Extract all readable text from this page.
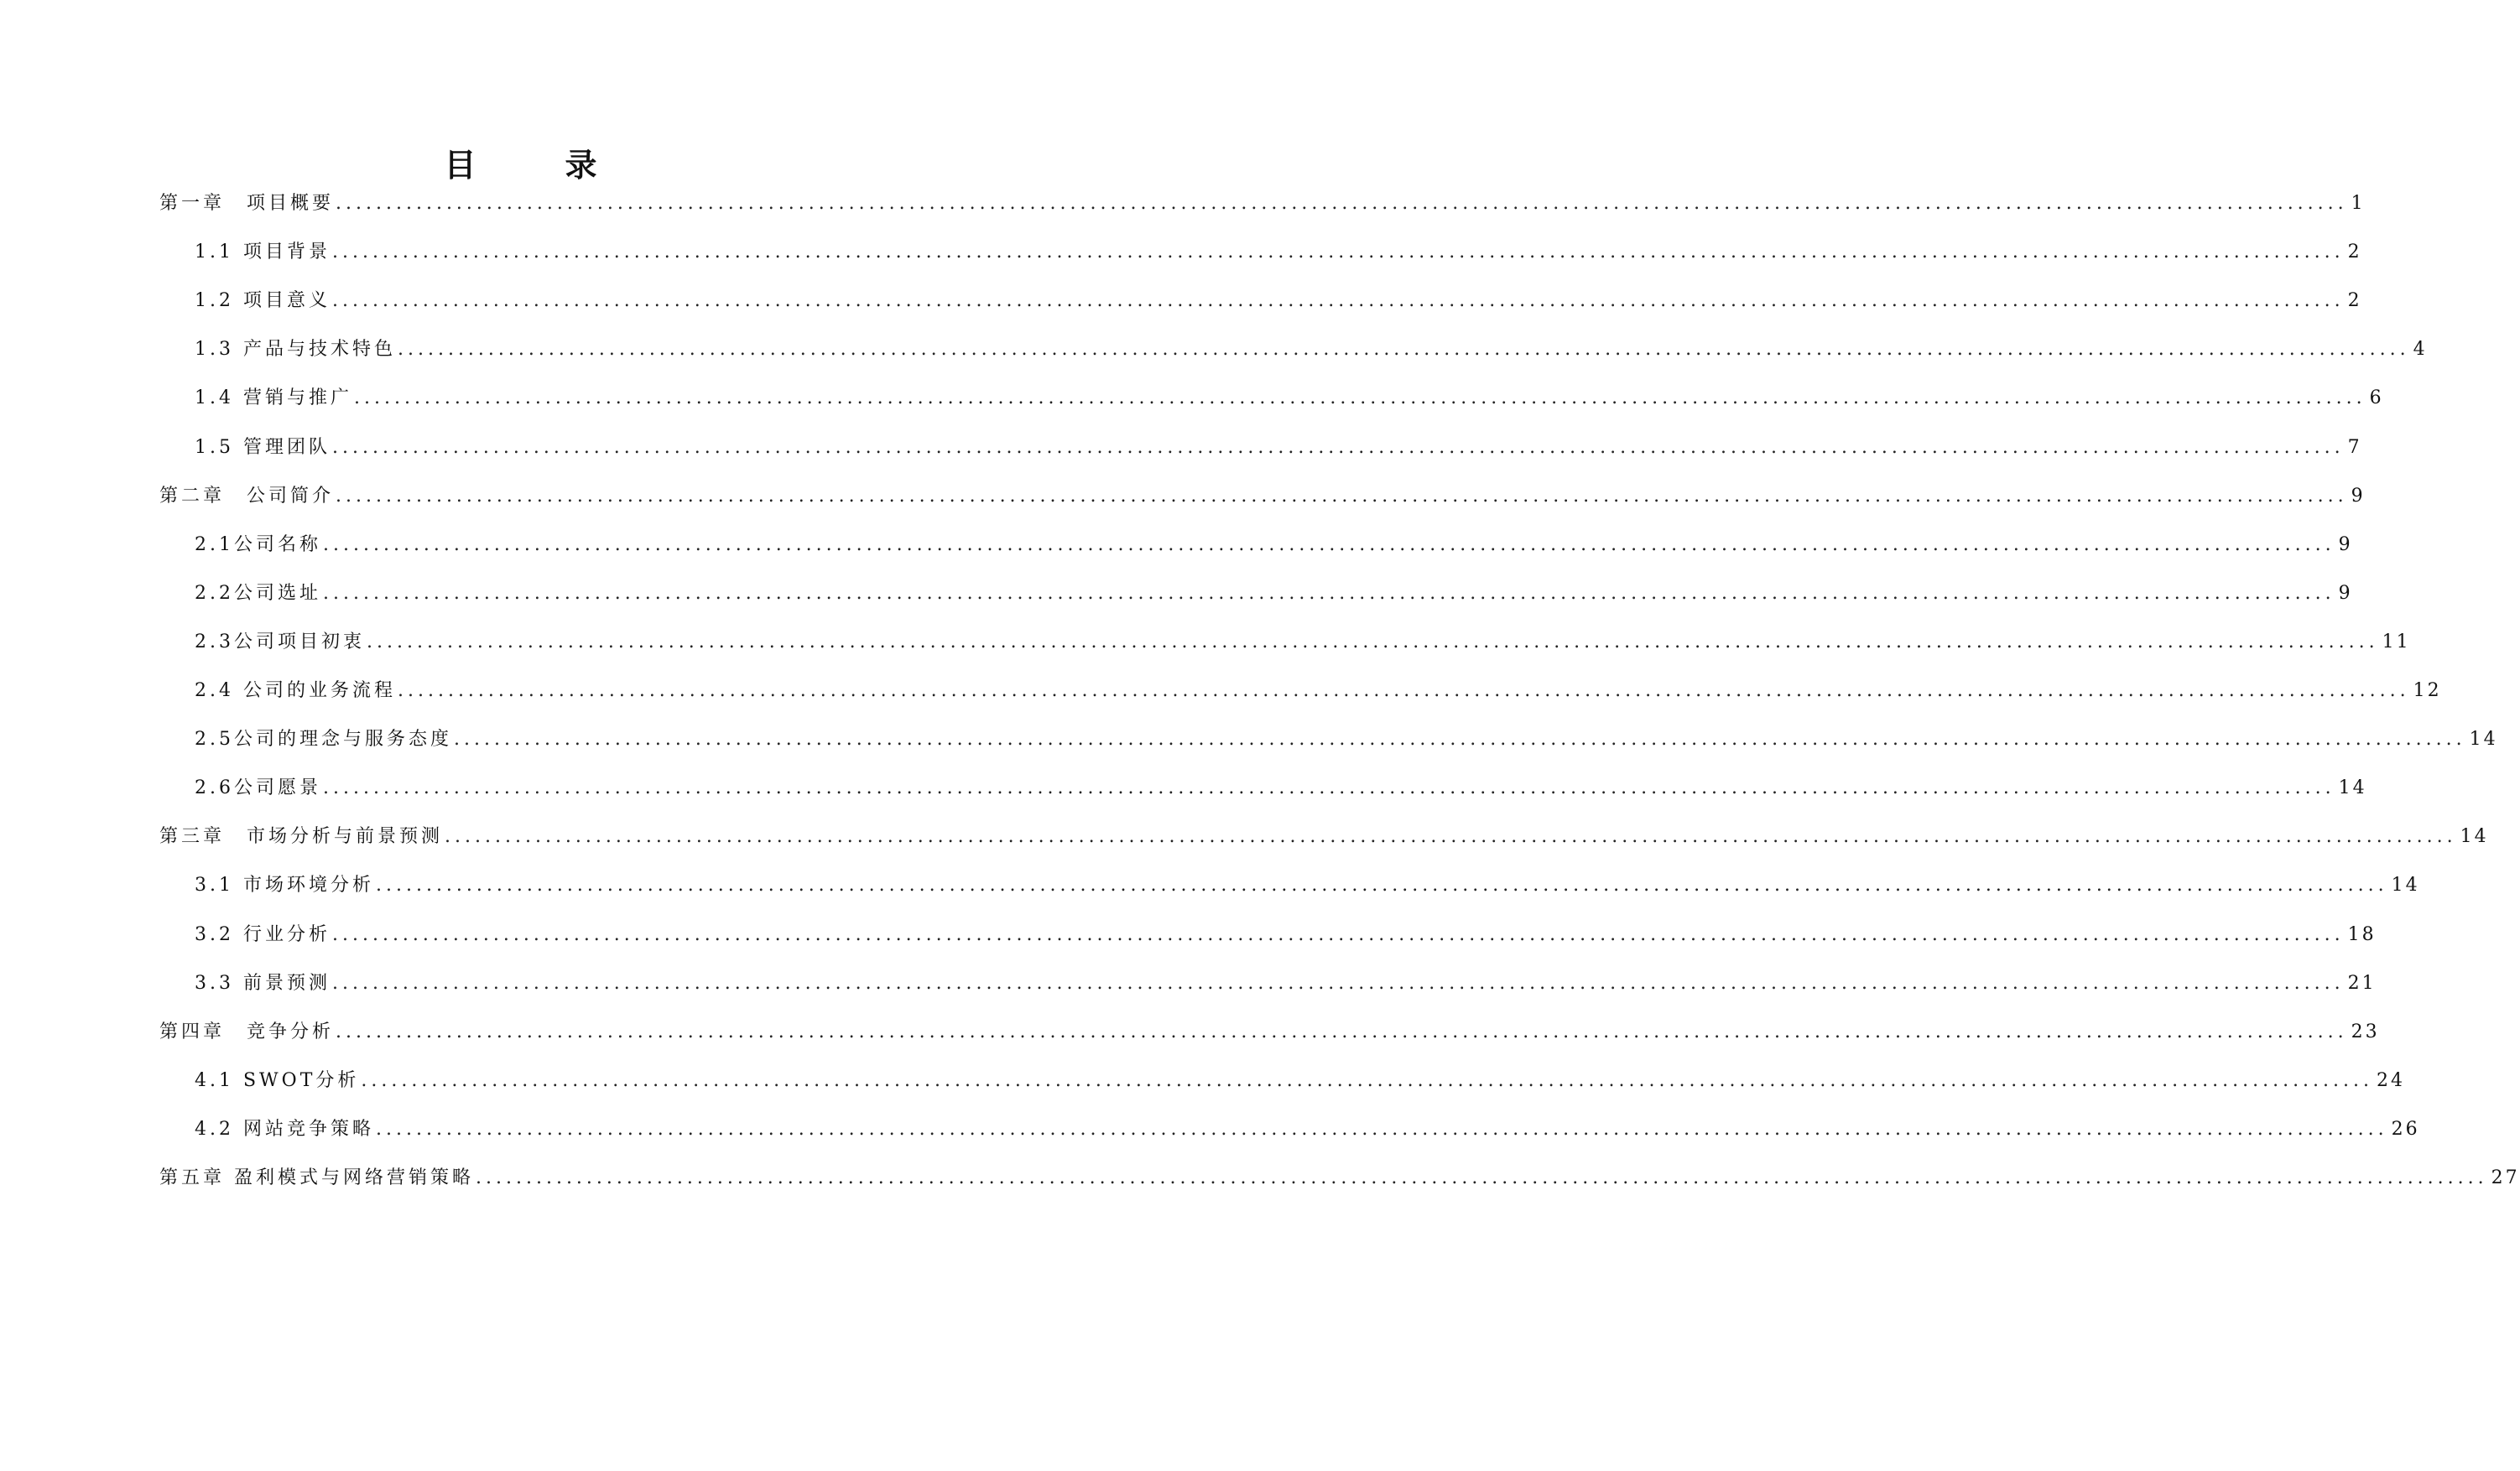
目　录
第一章　项目概要 ........................................................................................................................................................................................................ 1
1.1 项目背景 ........................................................................................................................................................................................................ 2
1.2 项目意义 ........................................................................................................................................................................................................ 2
1.3 产品与技术特色 ........................................................................................................................................................................................................ 4
1.4 营销与推广 ........................................................................................................................................................................................................ 6
1.5 管理团队 ........................................................................................................................................................................................................ 7
第二章　公司简介 ........................................................................................................................................................................................................ 9
2.1公司名称 ........................................................................................................................................................................................................ 9
2.2公司选址 ........................................................................................................................................................................................................ 9
2.3公司项目初衷 ........................................................................................................................................................................................................ 11
2.4 公司的业务流程 ........................................................................................................................................................................................................ 12
2.5公司的理念与服务态度 ........................................................................................................................................................................................................ 14
2.6公司愿景 ........................................................................................................................................................................................................ 14
第三章　市场分析与前景预测 ........................................................................................................................................................................................................ 14
3.1 市场环境分析 ........................................................................................................................................................................................................ 14
3.2 行业分析 ........................................................................................................................................................................................................ 18
3.3 前景预测 ........................................................................................................................................................................................................ 21
第四章　竞争分析 ........................................................................................................................................................................................................ 23
4.1 SWOT分析 ........................................................................................................................................................................................................ 24
4.2 网站竞争策略 ........................................................................................................................................................................................................ 26
第五章 盈利模式与网络营销策略 ........................................................................................................................................................................................................ 27
